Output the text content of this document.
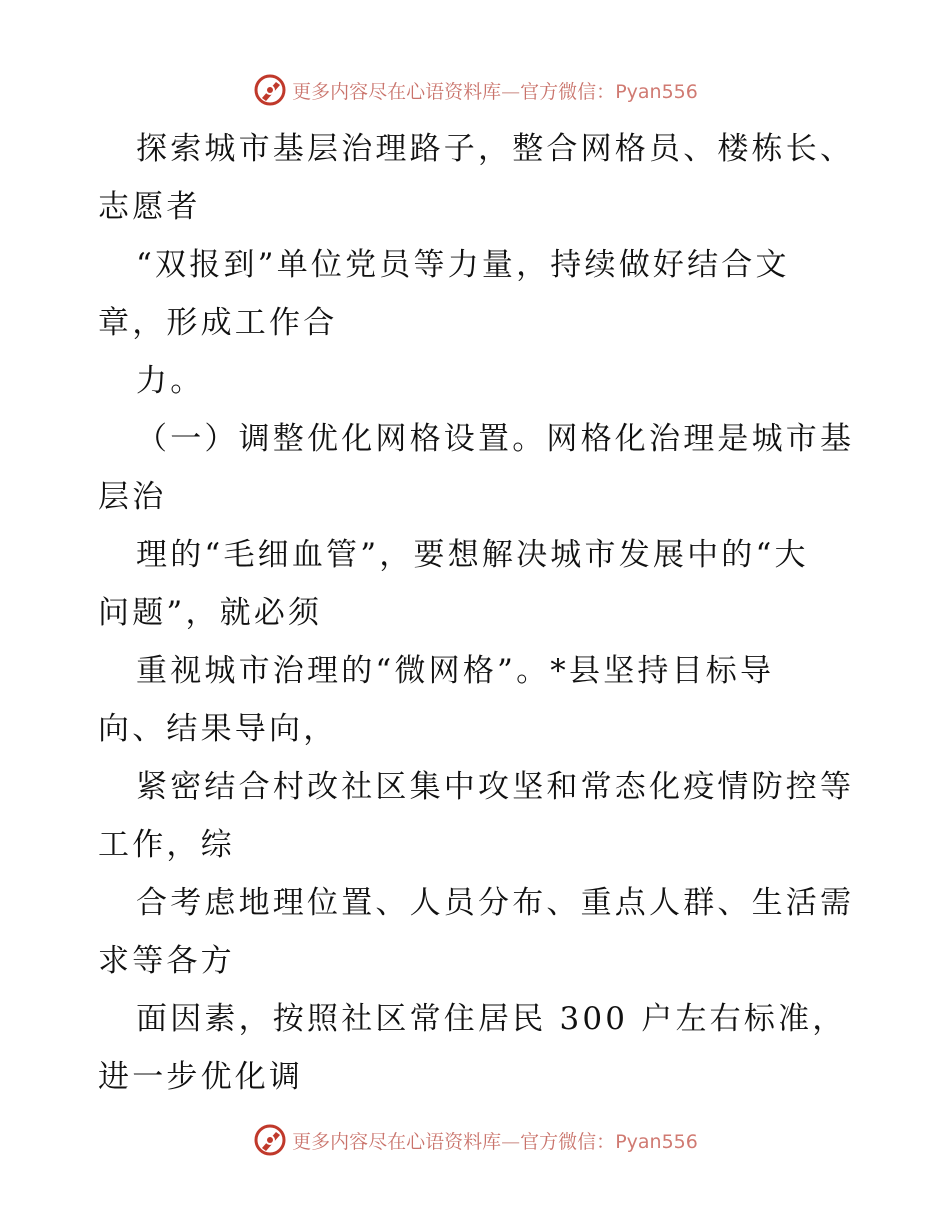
更多内容尽在心语资料库—官方微信：Pyan556
探索城市基层治理路子，整合网格员、楼栋长、
志愿者
“双报到”单位党员等力量，持续做好结合文
章，形成工作合
力。
（一）调整优化网格设置。网格化治理是城市基
层治
理的“毛细血管”，要想解决城市发展中的“大
问题”，就必须
重视城市治理的“微网格”。*县坚持目标导
向、结果导向，
紧密结合村改社区集中攻坚和常态化疫情防控等
工作，综
合考虑地理位置、人员分布、重点人群、生活需
求等各方
面因素，按照社区常住居民 300 户左右标准，
进一步优化调
更多内容尽在心语资料库—官方微信：Pyan556
